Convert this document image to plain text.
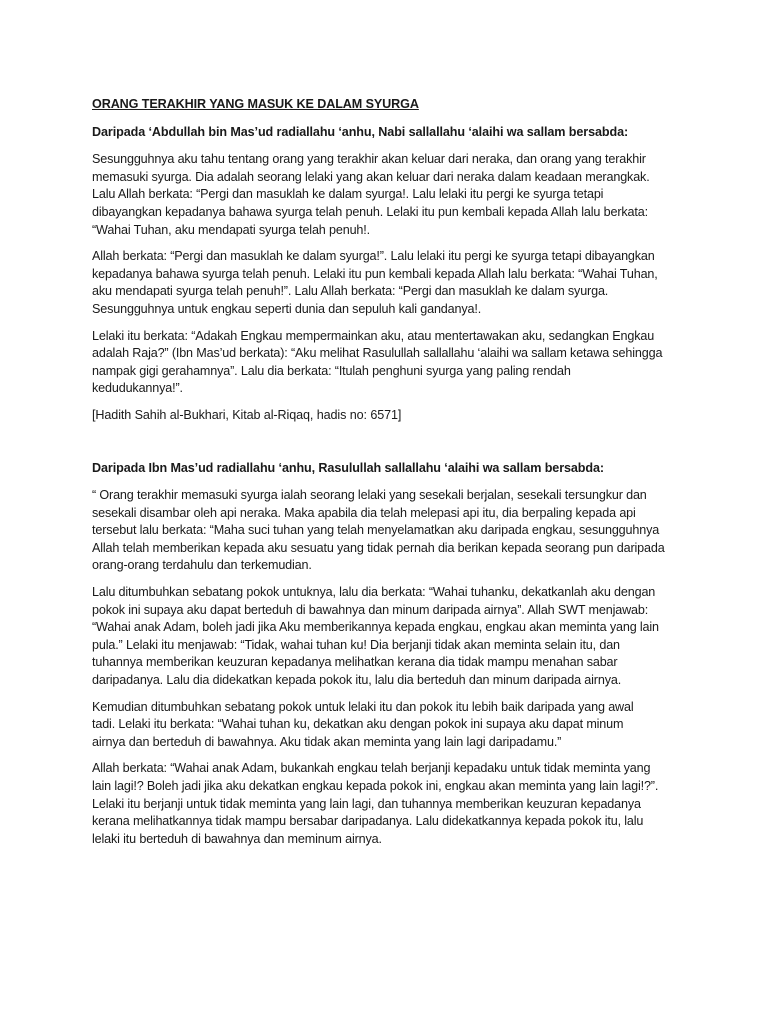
ORANG TERAKHIR YANG MASUK KE DALAM SYURGA

Daripada ‘Abdullah bin Mas’ud radiallahu ‘anhu, Nabi sallallahu ‘alaihi wa sallam bersabda:

Sesungguhnya aku tahu tentang orang yang terakhir akan keluar dari neraka, dan orang yang terakhir
memasuki syurga. Dia adalah seorang lelaki yang akan keluar dari neraka dalam keadaan merangkak.
Lalu Allah berkata: “Pergi dan masuklah ke dalam syurga!. Lalu lelaki itu pergi ke syurga tetapi
dibayangkan kepadanya bahawa syurga telah penuh. Lelaki itu pun kembali kepada Allah lalu berkata:
“Wahai Tuhan, aku mendapati syurga telah penuh!.

Allah berkata: “Pergi dan masuklah ke dalam syurga!”. Lalu lelaki itu pergi ke syurga tetapi dibayangkan
kepadanya bahawa syurga telah penuh. Lelaki itu pun kembali kepada Allah lalu berkata: “Wahai Tuhan,
aku mendapati syurga telah penuh!”. Lalu Allah berkata: “Pergi dan masuklah ke dalam syurga.
Sesungguhnya untuk engkau seperti dunia dan sepuluh kali gandanya!.

Lelaki itu berkata: “Adakah Engkau mempermainkan aku, atau mentertawakan aku, sedangkan Engkau
adalah Raja?” (Ibn Mas’ud berkata): “Aku melihat Rasulullah sallallahu ‘alaihi wa sallam ketawa sehingga
nampak gigi gerahamnya”. Lalu dia berkata: “Itulah penghuni syurga yang paling rendah
kedudukannya!”.

[Hadith Sahih al-Bukhari, Kitab al-Riqaq, hadis no: 6571]

Daripada Ibn Mas’ud radiallahu ‘anhu, Rasulullah sallallahu ‘alaihi wa sallam bersabda:

“ Orang terakhir memasuki syurga ialah seorang lelaki yang sesekali berjalan, sesekali tersungkur dan
sesekali disambar oleh api neraka. Maka apabila dia telah melepasi api itu, dia berpaling kepada api
tersebut lalu berkata: “Maha suci tuhan yang telah menyelamatkan aku daripada engkau, sesungguhnya
Allah telah memberikan kepada aku sesuatu yang tidak pernah dia berikan kepada seorang pun daripada
orang-orang terdahulu dan terkemudian.

Lalu ditumbuhkan sebatang pokok untuknya, lalu dia berkata: “Wahai tuhanku, dekatkanlah aku dengan
pokok ini supaya aku dapat berteduh di bawahnya dan minum daripada airnya”. Allah SWT menjawab:
“Wahai anak Adam, boleh jadi jika Aku memberikannya kepada engkau, engkau akan meminta yang lain
pula.” Lelaki itu menjawab: “Tidak, wahai tuhan ku! Dia berjanji tidak akan meminta selain itu, dan
tuhannya memberikan keuzuran kepadanya melihatkan kerana dia tidak mampu menahan sabar
daripadanya. Lalu dia didekatkan kepada pokok itu, lalu dia berteduh dan minum daripada airnya.

Kemudian ditumbuhkan sebatang pokok untuk lelaki itu dan pokok itu lebih baik daripada yang awal
tadi. Lelaki itu berkata: “Wahai tuhan ku, dekatkan aku dengan pokok ini supaya aku dapat minum
airnya dan berteduh di bawahnya. Aku tidak akan meminta yang lain lagi daripadamu.”

Allah berkata: “Wahai anak Adam, bukankah engkau telah berjanji kepadaku untuk tidak meminta yang
lain lagi!? Boleh jadi jika aku dekatkan engkau kepada pokok ini, engkau akan meminta yang lain lagi!?”.
Lelaki itu berjanji untuk tidak meminta yang lain lagi, dan tuhannya memberikan keuzuran kepadanya
kerana melihatkannya tidak mampu bersabar daripadanya. Lalu didekatkannya kepada pokok itu, lalu
lelaki itu berteduh di bawahnya dan meminum airnya.
